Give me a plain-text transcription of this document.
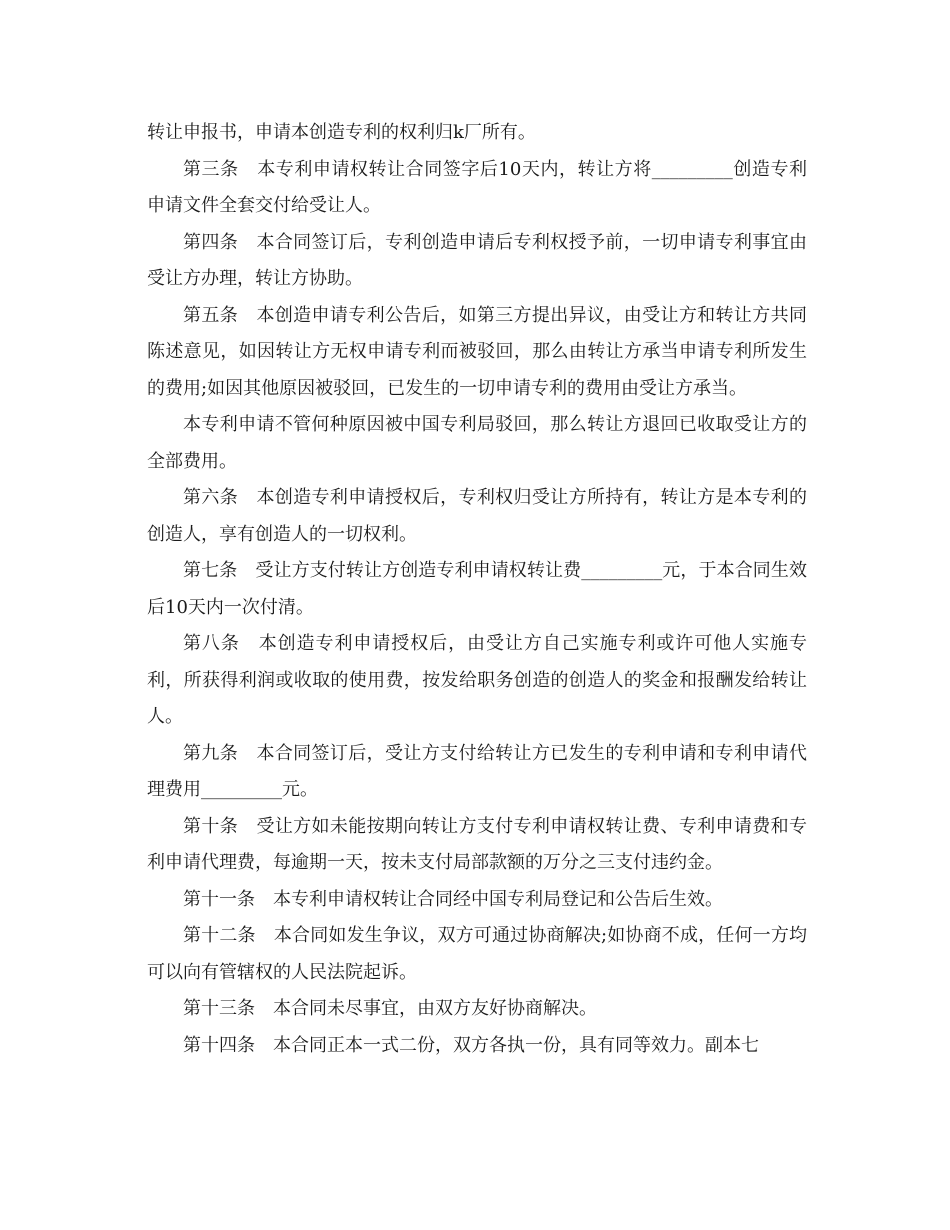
转让申报书，申请本创造专利的权利归k厂所有。

第三条　本专利申请权转让合同签字后10天内，转让方将_________创造专利申请文件全套交付给受让人。

第四条　本合同签订后，专利创造申请后专利权授予前，一切申请专利事宜由受让方办理，转让方协助。

第五条　本创造申请专利公告后，如第三方提出异议，由受让方和转让方共同陈述意见，如因转让方无权申请专利而被驳回，那么由转让方承当申请专利所发生的费用;如因其他原因被驳回，已发生的一切申请专利的费用由受让方承当。

本专利申请不管何种原因被中国专利局驳回，那么转让方退回已收取受让方的全部费用。

第六条　本创造专利申请授权后，专利权归受让方所持有，转让方是本专利的创造人，享有创造人的一切权利。

第七条　受让方支付转让方创造专利申请权转让费_________元，于本合同生效后10天内一次付清。

第八条　本创造专利申请授权后，由受让方自己实施专利或许可他人实施专利，所获得利润或收取的使用费，按发给职务创造的创造人的奖金和报酬发给转让人。

第九条　本合同签订后，受让方支付给转让方已发生的专利申请和专利申请代理费用_________元。

第十条　受让方如未能按期向转让方支付专利申请权转让费、专利申请费和专利申请代理费，每逾期一天，按未支付局部款额的万分之三支付违约金。

第十一条　本专利申请权转让合同经中国专利局登记和公告后生效。

第十二条　本合同如发生争议，双方可通过协商解决;如协商不成，任何一方均可以向有管辖权的人民法院起诉。

第十三条　本合同未尽事宜，由双方友好协商解决。

第十四条　本合同正本一式二份，双方各执一份，具有同等效力。副本七
